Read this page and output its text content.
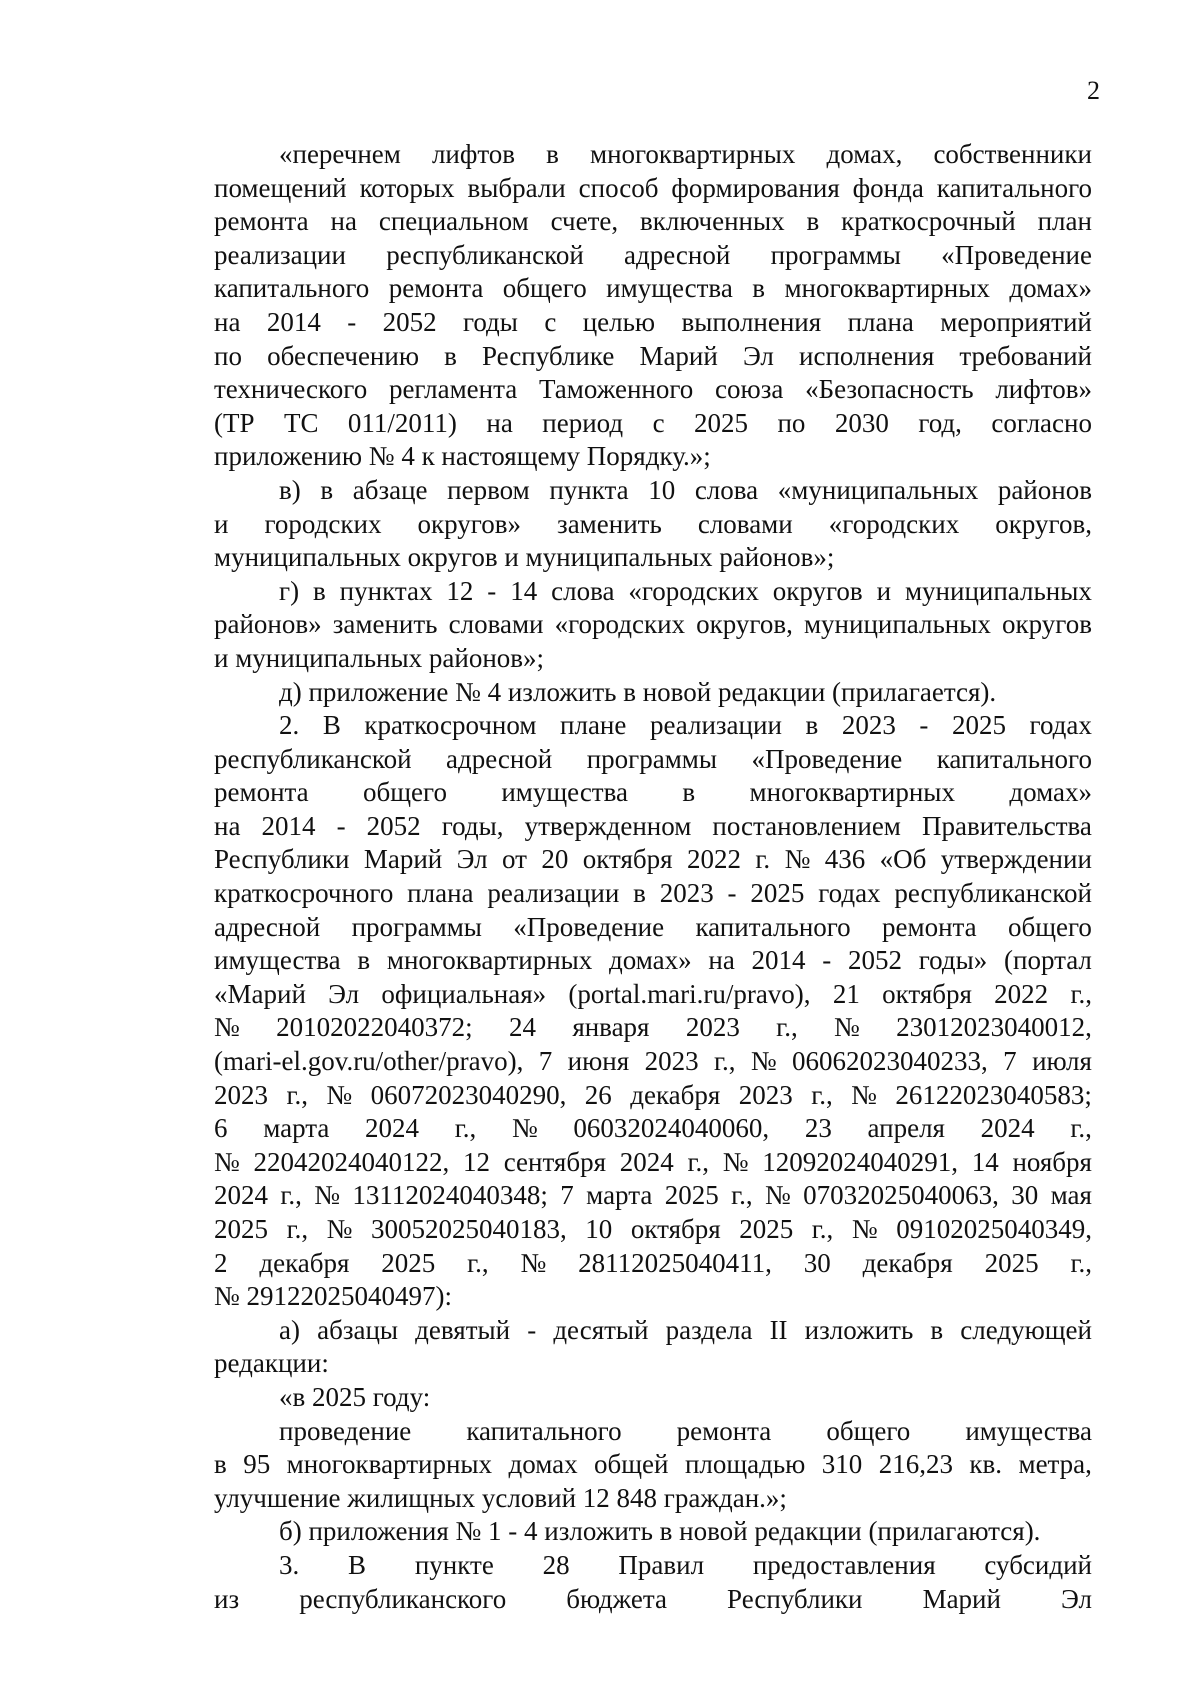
2
«перечнем лифтов в многоквартирных домах, собственники
помещений которых выбрали способ формирования фонда капитального
ремонта на специальном счете, включенных в краткосрочный план
реализации республиканской адресной программы «Проведение
капитального ремонта общего имущества в многоквартирных домах»
на 2014 - 2052 годы с целью выполнения плана мероприятий
по обеспечению в Республике Марий Эл исполнения требований
технического регламента Таможенного союза «Безопасность лифтов»
(ТР ТС 011/2011) на период с 2025 по 2030 год, согласно
приложению № 4 к настоящему Порядку.»;
в) в абзаце первом пункта 10 слова «муниципальных районов
и городских округов» заменить словами «городских округов,
муниципальных округов и муниципальных районов»;
г) в пунктах 12 - 14 слова «городских округов и муниципальных
районов» заменить словами «городских округов, муниципальных округов
и муниципальных районов»;
д) приложение № 4 изложить в новой редакции (прилагается).
2. В краткосрочном плане реализации в 2023 - 2025 годах
республиканской адресной программы «Проведение капитального
ремонта общего имущества в многоквартирных домах»
на 2014 - 2052 годы, утвержденном постановлением Правительства
Республики Марий Эл от 20 октября 2022 г. № 436 «Об утверждении
краткосрочного плана реализации в 2023 - 2025 годах республиканской
адресной программы «Проведение капитального ремонта общего
имущества в многоквартирных домах» на 2014 - 2052 годы» (портал
«Марий Эл официальная» (portal.mari.ru/pravo), 21 октября 2022 г.,
№ 20102022040372; 24 января 2023 г., № 23012023040012,
(mari-el.gov.ru/other/pravo), 7 июня 2023 г., № 06062023040233, 7 июля
2023 г., № 06072023040290, 26 декабря 2023 г., № 26122023040583;
6 марта 2024 г., № 06032024040060, 23 апреля 2024 г.,
№ 22042024040122, 12 сентября 2024 г., № 12092024040291, 14 ноября
2024 г., № 13112024040348; 7 марта 2025 г., № 07032025040063, 30 мая
2025 г., № 30052025040183, 10 октября 2025 г., № 09102025040349,
2 декабря 2025 г., № 28112025040411, 30 декабря 2025 г.,
№ 29122025040497):
а) абзацы девятый - десятый раздела II изложить в следующей
редакции:
«в 2025 году:
проведение капитального ремонта общего имущества
в 95 многоквартирных домах общей площадью 310 216,23 кв. метра,
улучшение жилищных условий 12 848 граждан.»;
б) приложения № 1 - 4 изложить в новой редакции (прилагаются).
3. В пункте 28 Правил предоставления субсидий
из республиканского бюджета Республики Марий Эл
